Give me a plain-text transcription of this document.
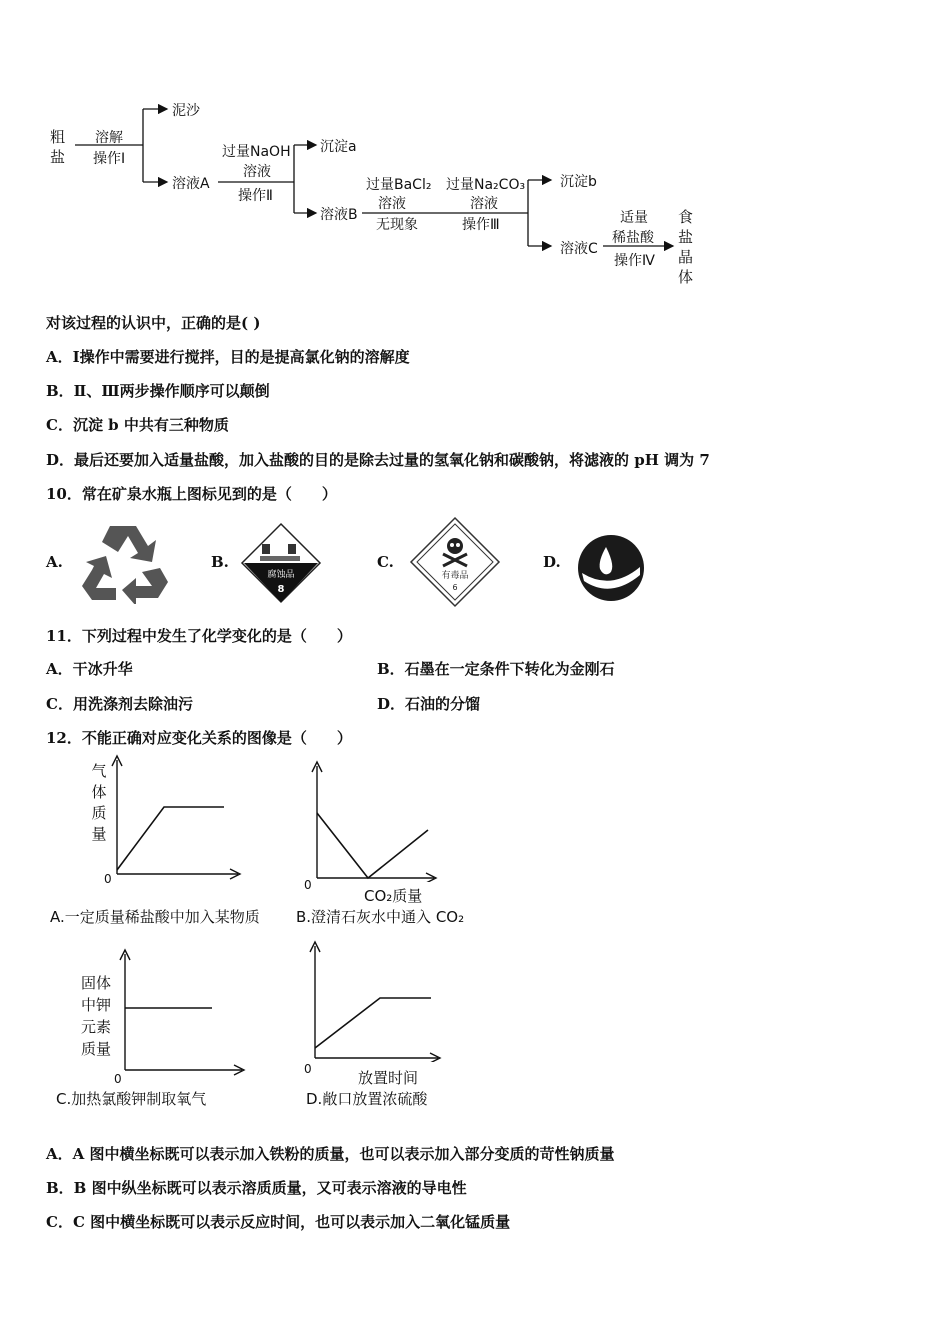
粗盐
溶解
操作Ⅰ
泥沙
溶液A
过量NaOH
溶液
操作Ⅱ
沉淀a
溶液B
过量BaCl₂
溶液
无现象
过量Na₂CO₃
溶液
操作Ⅲ
沉淀b
溶液C
适量
稀盐酸
操作Ⅳ
食盐晶体
对该过程的认识中，正确的是( )
A．Ⅰ操作中需要进行搅拌，目的是提高氯化钠的溶解度
B．Ⅱ、Ⅲ两步操作顺序可以颠倒
C．沉淀 b 中共有三种物质
D．最后还要加入适量盐酸，加入盐酸的目的是除去过量的氢氧化钠和碳酸钠，将滤液的 pH 调为 7
10．常在矿泉水瓶上图标见到的是（　　）
A.	B.
腐蚀品
8
C.
有毒品
6
D.
11．下列过程中发生了化学变化的是（　　）
A．干冰升华	B．石墨在一定条件下转化为金刚石
C．用洗涤剂去除油污	D．石油的分馏
12．不能正确对应变化关系的图像是（　　）
气体质量
0
A.一定质量稀盐酸中加入某物质
0
CO₂质量
B.澄清石灰水中通入 CO₂
固体中钾元素质量
0
C.加热氯酸钾制取氧气
0	放置时间
D.敞口放置浓硫酸
A．A 图中横坐标既可以表示加入铁粉的质量，也可以表示加入部分变质的苛性钠质量
B．B 图中纵坐标既可以表示溶质质量，又可表示溶液的导电性
C．C 图中横坐标既可以表示反应时间，也可以表示加入二氧化锰质量
